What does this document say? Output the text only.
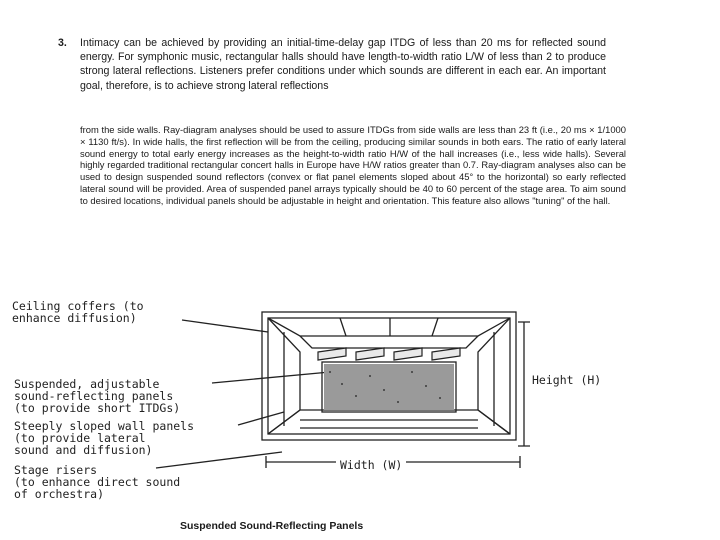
3. Intimacy can be achieved by providing an initial-time-delay gap ITDG of less than 20 ms for reflected sound energy. For symphonic music, rectangular halls should have length-to-width ratio L/W of less than 2 to produce strong lateral reflections. Listeners prefer conditions under which sounds are different in each ear. An important goal, therefore, is to achieve strong lateral reflections
from the side walls. Ray-diagram analyses should be used to assure ITDGs from side walls are less than 23 ft (i.e., 20 ms × 1/1000 × 1130 ft/s). In wide halls, the first reflection will be from the ceiling, producing similar sounds in both ears. The ratio of early lateral sound energy to total early energy increases as the height-to-width ratio H/W of the hall increases (i.e., less wide halls). Several highly regarded traditional rectangular concert halls in Europe have H/W ratios greater than 0.7. Ray-diagram analyses also can be used to design suspended sound reflectors (convex or flat panel elements sloped about 45° to the horizontal) so early reflected lateral sound will be provided. Area of suspended panel arrays typically should be 40 to 60 percent of the stage area. To aim sound to desired locations, individual panels should be adjustable in height and orientation. This feature also allows "tuning" of the hall.
Ceiling coffers (to
enhance diffusion)
Suspended, adjustable
sound-reflecting panels
(to provide short ITDGs)
Steeply sloped wall panels
(to provide lateral
sound and diffusion)
Stage risers
(to enhance direct sound
of orchestra)
Height (H)
Width (W)
Suspended Sound-Reflecting Panels
